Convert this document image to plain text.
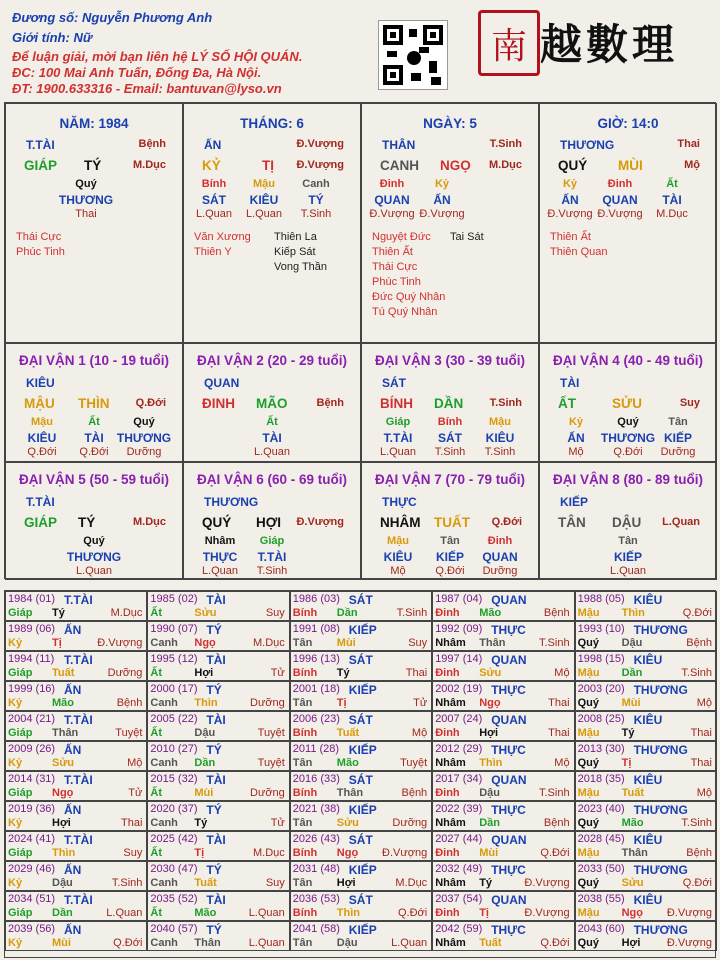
Đương số: Nguyễn Phương Anh
Giới tính: Nữ
Để luận giải, mời bạn liên hệ LÝ SỐ HỘI QUÁN.
ĐC: 100 Mai Anh Tuấn, Đống Đa, Hà Nội.
ĐT: 1900.633316 - Email: bantuvan@lyso.vn
南 越數理
NĂM: 1984
T.TÀI	Bệnh
GIÁP TÝ	M.Dục
Quý
THƯƠNG
Thai
Thái Cực
Phúc Tinh
THÁNG: 6
ẤN	Đ.Vượng
KỶ	TỊ Đ.Vượng
Bính
SÁT
L.Quan
Mậu
KIÊU
L.Quan
Canh
TÝ
T.Sinh
Văn Xương
Thiên Y
Thiên La
Kiếp Sát
Vong Thần
NGÀY: 5
THÂN	T.Sinh
CANH NGỌ M.Dục
Đinh
QUAN
Đ.Vượng
Kỷ
ẤN
Đ.Vượng
Nguyệt Đức
Thiên Ất
Thái Cực
Phúc Tinh
Đức Quý Nhân
Tú Quý Nhân
Tai Sát
GIỜ: 14:0
THƯƠNG	Thai
QUÝ MÙI	Mộ
Kỷ
ẤN
Đ.Vượng
Đinh
QUAN
Đ.Vượng
Ất
TÀI
M.Dục
Thiên Ất
Thiên Quan
ĐẠI VẬN 1 (10 - 19 tuổi)
KIÊU
MẬU THÌN Q.Đới
Mậu
KIÊU
Q.Đới
Ất
TÀI
Q.Đới
Quý
THƯƠNG
Dưỡng
ĐẠI VẬN 2 (20 - 29 tuổi)
QUAN
ĐINH MÃO	Bệnh
Ất
TÀI
L.Quan
ĐẠI VẬN 3 (30 - 39 tuổi)
SÁT
BÍNH DẦN T.Sinh
Giáp
T.TÀI
L.Quan
Bính
SÁT
T.Sinh
Mậu
KIÊU
T.Sinh
ĐẠI VẬN 4 (40 - 49 tuổi)
TÀI
ẤT	SỬU	Suy
Kỷ
ẤN
Mộ
Quý
THƯƠNG
Q.Đới
Tân
KIẾP
Dưỡng
ĐẠI VẬN 5 (50 - 59 tuổi)
T.TÀI
GIÁP TÝ	M.Dục
Quý
THƯƠNG
L.Quan
ĐẠI VẬN 6 (60 - 69 tuổi)
THƯƠNG
QUÝ HỢI Đ.Vượng
Nhâm
THỰC
L.Quan
Giáp
T.TÀI
T.Sinh
ĐẠI VẬN 7 (70 - 79 tuổi)
THỰC
NHÂM TUẤT Q.Đới
Mậu
KIÊU
Mộ
Tân
KIẾP
Q.Đới
Đinh
QUAN
Dưỡng
ĐẠI VẬN 8 (80 - 89 tuổi)
KIẾP
TÂN DẬU L.Quan
Tân
KIẾP
L.Quan
1984 (01) T.TÀI
Giáp Tý	M.Dục
1985 (02) TÀI
Ất	Sửu	Suy
1986 (03) SÁT
Bính Dần	T.Sinh
1987 (04) QUAN
Đinh Mão	Bệnh
1988 (05) KIÊU
Mậu Thìn	Q.Đới
1989 (06) ẤN
Kỷ	Tị	Đ.Vượng
1990 (07) TÝ
Canh Ngọ	M.Dục
1991 (08) KIẾP
Tân Mùi	Suy
1992 (09) THỰC
Nhâm Thân	T.Sinh
1993 (10) THƯƠNG
Quý Dậu	Bệnh
1994 (11) T.TÀI
Giáp Tuất	Dưỡng
1995 (12) TÀI
Ất	Hợi	Tử
1996 (13) SÁT
Bính Tý	Thai
1997 (14) QUAN
Đinh Sửu	Mộ
1998 (15) KIÊU
Mậu Dần	T.Sinh
1999 (16) ẤN
Kỷ	Mão	Bệnh
2000 (17) TÝ
Canh Thìn	Dưỡng
2001 (18) KIẾP
Tân Tị	Tử
2002 (19) THỰC
Nhâm Ngọ	Thai
2003 (20) THƯƠNG
Quý Mùi	Mộ
2004 (21) T.TÀI
Giáp Thân	Tuyệt
2005 (22) TÀI
Ất	Dậu	Tuyệt
2006 (23) SÁT
Bính Tuất	Mộ
2007 (24) QUAN
Đinh Hợi	Thai
2008 (25) KIÊU
Mậu Tý	Thai
2009 (26) ẤN
Kỷ	Sửu	Mộ
2010 (27) TÝ
Canh Dần	Tuyệt
2011 (28) KIẾP
Tân Mão	Tuyệt
2012 (29) THỰC
Nhâm Thìn	Mộ
2013 (30) THƯƠNG
Quý Tị	Thai
2014 (31) T.TÀI
Giáp Ngọ	Tử
2015 (32) TÀI
Ất	Mùi	Dưỡng
2016 (33) SÁT
Bính Thân	Bệnh
2017 (34) QUAN
Đinh Dậu	T.Sinh
2018 (35) KIÊU
Mậu Tuất	Mộ
2019 (36) ẤN
Kỷ	Hợi	Thai
2020 (37) TÝ
Canh Tý	Tử
2021 (38) KIẾP
Tân Sửu	Dưỡng
2022 (39) THỰC
Nhâm Dần	Bệnh
2023 (40) THƯƠNG
Quý Mão	T.Sinh
2024 (41) T.TÀI
Giáp Thìn	Suy
2025 (42) TÀI
Ất	Tị	M.Dục
2026 (43) SÁT
Bính Ngọ Đ.Vượng
2027 (44) QUAN
Đinh Mùi	Q.Đới
2028 (45) KIÊU
Mậu Thân	Bệnh
2029 (46) ẤN
Kỷ	Dậu	T.Sinh
2030 (47) TÝ
Canh Tuất	Suy
2031 (48) KIẾP
Tân Hợi	M.Dục
2032 (49) THỰC
Nhâm Tý	Đ.Vượng
2033 (50) THƯƠNG
Quý Sửu	Q.Đới
2034 (51) T.TÀI
Giáp Dần	L.Quan
2035 (52) TÀI
Ất	Mão	L.Quan
2036 (53) SÁT
Bính Thìn	Q.Đới
2037 (54) QUAN
Đinh Tị	Đ.Vượng
2038 (55) KIÊU
Mậu Ngọ Đ.Vượng
2039 (56) ẤN
Kỷ	Mùi	Q.Đới
2040 (57) TÝ
Canh Thân	L.Quan
2041 (58) KIẾP
Tân Dậu	L.Quan
2042 (59) THỰC
Nhâm Tuất	Q.Đới
2043 (60) THƯƠNG
Quý Hợi Đ.Vượng
